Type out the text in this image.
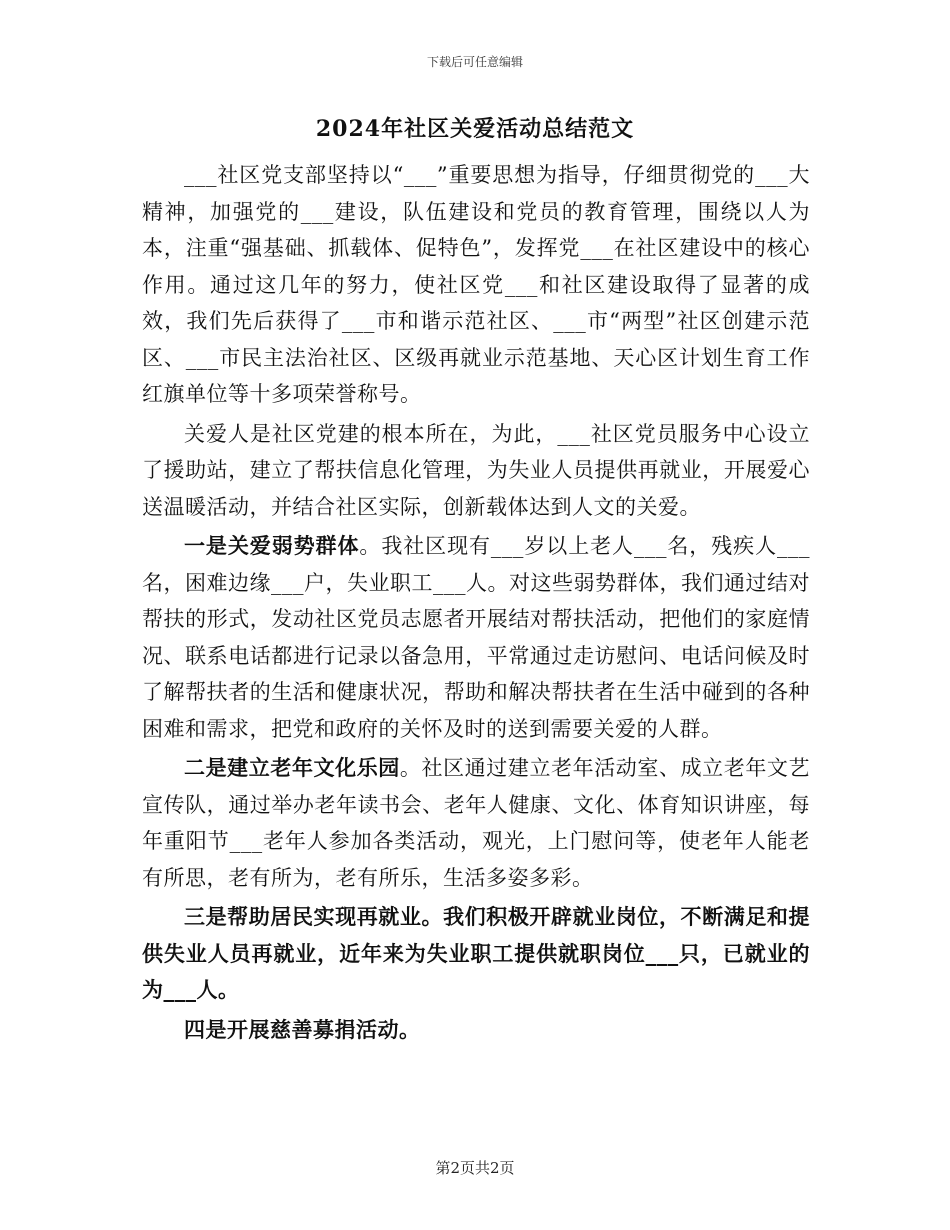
下载后可任意编辑
2024年社区关爱活动总结范文

___社区党支部坚持以“___”重要思想为指导，仔细贯彻党的___大精神，加强党的___建设，队伍建设和党员的教育管理，围绕以人为本，注重“强基础、抓载体、促特色”，发挥党___在社区建设中的核心作用。通过这几年的努力，使社区党___和社区建设取得了显著的成效，我们先后获得了___市和谐示范社区、___市“两型”社区创建示范区、___市民主法治社区、区级再就业示范基地、天心区计划生育工作红旗单位等十多项荣誉称号。

关爱人是社区党建的根本所在，为此，___社区党员服务中心设立了援助站，建立了帮扶信息化管理，为失业人员提供再就业，开展爱心送温暖活动，并结合社区实际，创新载体达到人文的关爱。

一是关爱弱势群体。我社区现有___岁以上老人___名，残疾人___名，困难边缘___户，失业职工___人。对这些弱势群体，我们通过结对帮扶的形式，发动社区党员志愿者开展结对帮扶活动，把他们的家庭情况、联系电话都进行记录以备急用，平常通过走访慰问、电话问候及时了解帮扶者的生活和健康状况，帮助和解决帮扶者在生活中碰到的各种困难和需求，把党和政府的关怀及时的送到需要关爱的人群。

二是建立老年文化乐园。社区通过建立老年活动室、成立老年文艺宣传队，通过举办老年读书会、老年人健康、文化、体育知识讲座，每年重阳节___老年人参加各类活动，观光，上门慰问等，使老年人能老有所思，老有所为，老有所乐，生活多姿多彩。

三是帮助居民实现再就业。我们积极开辟就业岗位，不断满足和提供失业人员再就业，近年来为失业职工提供就职岗位___只，已就业的为___人。

四是开展慈善募捐活动。

第2页共2页
